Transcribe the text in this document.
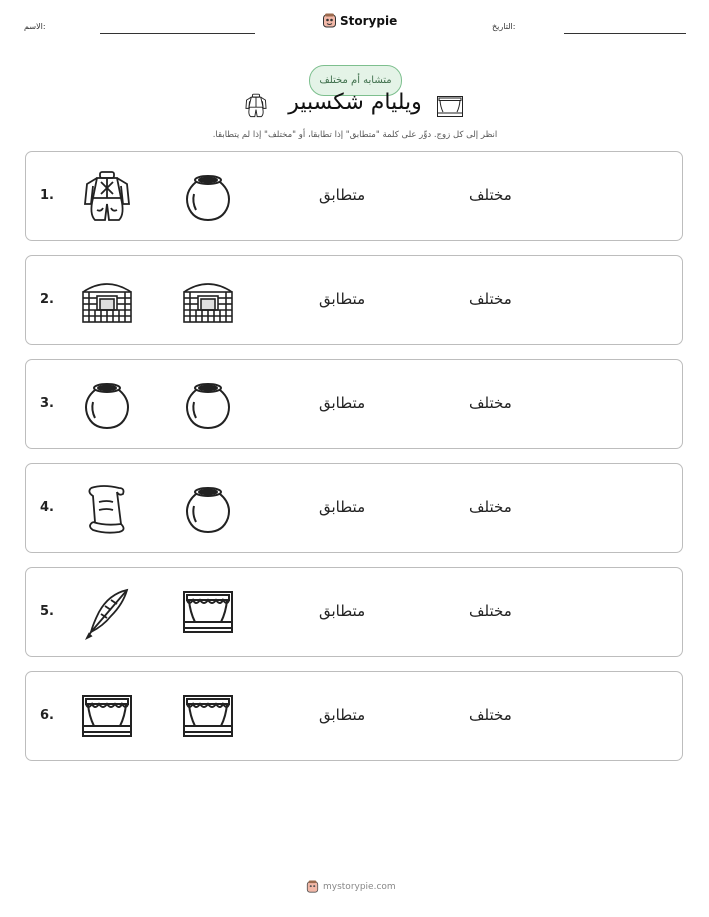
الاسم:	Storypie	التاريخ:
متشابه أم مختلف
ويليام شكسبير
انظر إلى كل زوج. دوِّر على كلمة "متطابق" إذا تطابقا، أو "مختلف" إذا لم يتطابقا.
1.	متطابق	مختلف
2.	متطابق	مختلف
3.	متطابق	مختلف
4.	متطابق	مختلف
5.	متطابق	مختلف
6.	متطابق	مختلف
mystorypie.com
